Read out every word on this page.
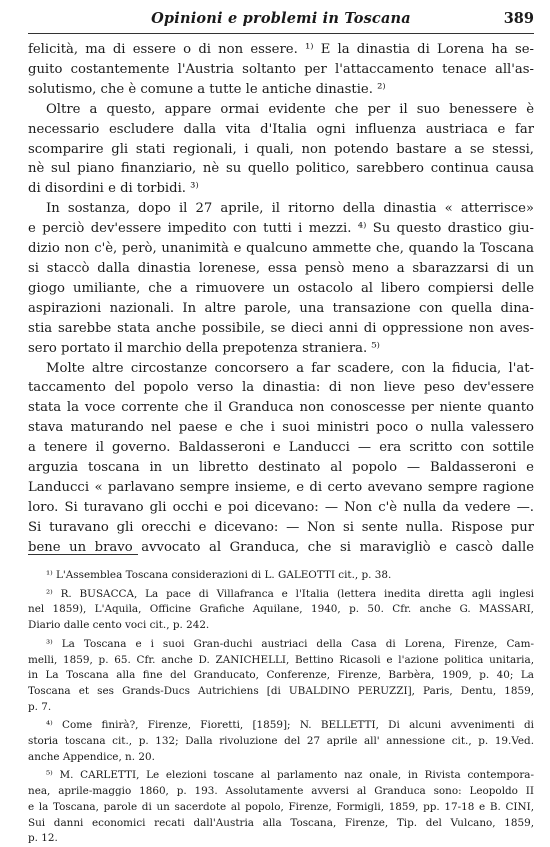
Opinioni e problemi in Toscana	389
felicità, ma di essere o di non essere. ¹⁾ E la dinastia di Lorena ha se-
guito costantemente l'Austria soltanto per l'attaccamento tenace all'as-
solutismo, che è comune a tutte le antiche dinastie. ²⁾
Oltre a questo, appare ormai evidente che per il suo benessere è
necessario escludere dalla vita d'Italia ogni influenza austriaca e far
scomparire gli stati regionali, i quali, non potendo bastare a se stessi,
nè sul piano finanziario, nè su quello politico, sarebbero continua causa
di disordini e di torbidi. ³⁾
In sostanza, dopo il 27 aprile, il ritorno della dinastia « atterrisce»
e perciò dev'essere impedito con tutti i mezzi. ⁴⁾ Su questo drastico giu-
dizio non c'è, però, unanimità e qualcuno ammette che, quando la Toscana
si staccò dalla dinastia lorenese, essa pensò meno a sbarazzarsi di un
giogo umiliante, che a rimuovere un ostacolo al libero compiersi delle
aspirazioni nazionali. In altre parole, una transazione con quella dina-
stia sarebbe stata anche possibile, se dieci anni di oppressione non aves-
sero portato il marchio della prepotenza straniera. ⁵⁾
Molte altre circostanze concorsero a far scadere, con la fiducia, l'at-
taccamento del popolo verso la dinastia: di non lieve peso dev'essere
stata la voce corrente che il Granduca non conoscesse per niente quanto
stava maturando nel paese e che i suoi ministri poco o nulla valessero
a tenere il governo. Baldasseroni e Landucci — era scritto con sottile
arguzia toscana in un libretto destinato al popolo — Baldasseroni e
Landucci « parlavano sempre insieme, e di certo avevano sempre ragione
loro. Si turavano gli occhi e poi dicevano: — Non c'è nulla da vedere —.
Si turavano gli orecchi e dicevano: — Non si sente nulla. Rispose pur
bene un bravo avvocato al Granduca, che si maravigliò e cascò dalle
¹⁾ L'Assemblea Toscana considerazioni di L. GALEOTTI cit., p. 38.
²⁾ R. BUSACCA, La pace di Villafranca e l'Italia (lettera inedita diretta agli inglesi
nel 1859), L'Aquila, Officine Grafiche Aquilane, 1940, p. 50. Cfr. anche G. MASSARI,
Diario dalle cento voci cit., p. 242.
³⁾ La Toscana e i suoi Gran-duchi austriaci della Casa di Lorena, Firenze, Cam-
melli, 1859, p. 65. Cfr. anche D. ZANICHELLI, Bettino Ricasoli e l'azione politica unitaria,
in La Toscana alla fine del Granducato, Conferenze, Firenze, Barbèra, 1909, p. 40; La
Toscana et ses Grands-Ducs Autrichiens [di UBALDINO PERUZZI], Paris, Dentu, 1859,
p. 7.
⁴⁾ Come finirà?, Firenze, Fioretti, [1859]; N. BELLETTI, Di alcuni avvenimenti di
storia toscana cit., p. 132; Dalla rivoluzione del 27 aprile all' annessione cit., p. 19.Ved.
anche Appendice, n. 20.
⁵⁾ M. CARLETTI, Le elezioni toscane al parlamento naz onale, in Rivista contempora-
nea, aprile-maggio 1860, p. 193. Assolutamente avversi al Granduca sono: Leopoldo II
e la Toscana, parole di un sacerdote al popolo, Firenze, Formigli, 1859, pp. 17-18 e B. CINI,
Sui danni economici recati dall'Austria alla Toscana, Firenze, Tip. del Vulcano, 1859,
p. 12.
